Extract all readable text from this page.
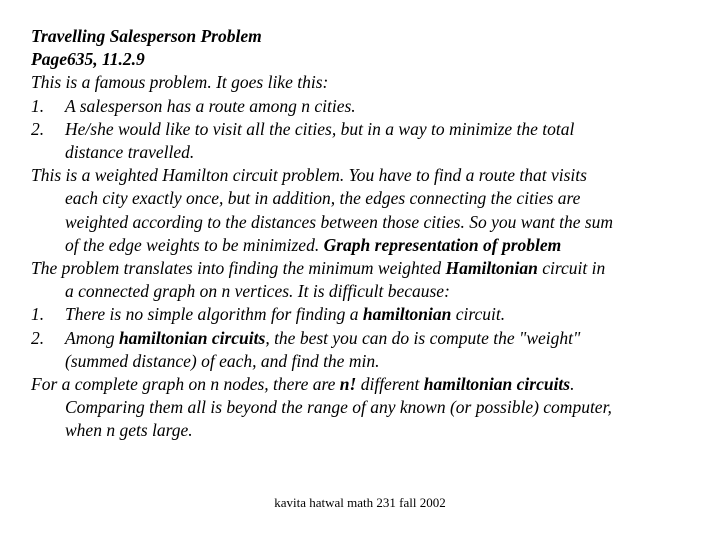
Travelling Salesperson Problem
Page635, 11.2.9
This is a famous problem. It goes like this:
1. A salesperson has a route among n cities.
2. He/she would like to visit all the cities, but in a way to minimize the total
distance travelled.
This is a weighted Hamilton circuit problem. You have to find a route that visits
each city exactly once, but in addition, the edges connecting the cities are
weighted according to the distances between those cities. So you want the sum
of the edge weights to be minimized. Graph representation of problem
The problem translates into finding the minimum weighted Hamiltonian circuit in
a connected graph on n vertices. It is difficult because:
1. There is no simple algorithm for finding a hamiltonian circuit.
2. Among hamiltonian circuits, the best you can do is compute the "weight"
(summed distance) of each, and find the min.
For a complete graph on n nodes, there are n! different hamiltonian circuits.
Comparing them all is beyond the range of any known (or possible) computer,
when n gets large.
kavita hatwal math 231 fall 2002
